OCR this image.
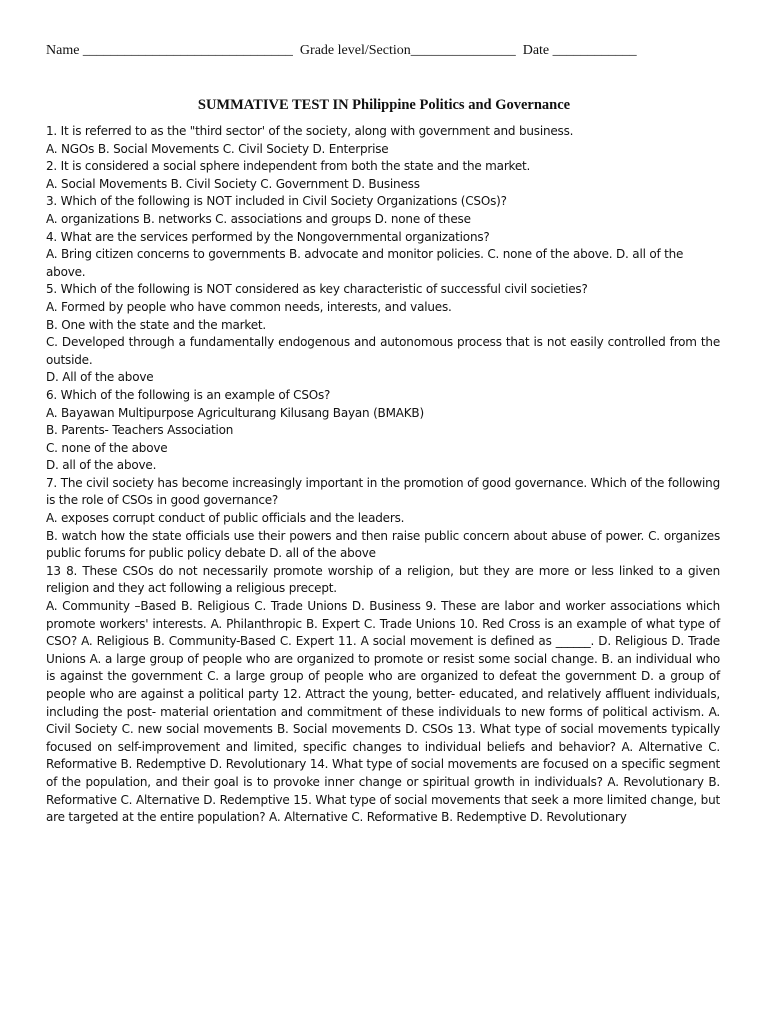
Name ______________________________  Grade level/Section_______________  Date ____________
SUMMATIVE TEST IN Philippine Politics and Governance

1. It is referred to as the "third sector' of the society, along with government and business.

A. NGOs B. Social Movements C. Civil Society D. Enterprise

2. It is considered a social sphere independent from both the state and the market.

A. Social Movements B. Civil Society C. Government D. Business

3. Which of the following is NOT included in Civil Society Organizations (CSOs)?

A. organizations B. networks C. associations and groups D. none of these

4. What are the services performed by the Nongovernmental organizations?

A. Bring citizen concerns to governments B. advocate and monitor policies. C. none of the above. D. all of the above.

5. Which of the following is NOT considered as key characteristic of successful civil societies?

A. Formed by people who have common needs, interests, and values.

B. One with the state and the market.

C. Developed through a fundamentally endogenous and autonomous process that is not easily controlled from the outside.

D. All of the above

6. Which of the following is an example of CSOs?

A. Bayawan Multipurpose Agriculturang Kilusang Bayan (BMAKB)

B. Parents- Teachers Association

C. none of the above

D. all of the above.

7. The civil society has become increasingly important in the promotion of good governance. Which of the following is the role of CSOs in good governance?

A. exposes corrupt conduct of public officials and the leaders.

B. watch how the state officials use their powers and then raise public concern about abuse of power. C. organizes public forums for public policy debate D. all of the above

13 8. These CSOs do not necessarily promote worship of a religion, but they are more or less linked to a given religion and they act following a religious precept.

A. Community –Based B. Religious C. Trade Unions D. Business 9. These are labor and worker associations which promote workers' interests. A. Philanthropic B. Expert C. Trade Unions 10. Red Cross is an example of what type of CSO? A. Religious B. Community-Based C. Expert 11. A social movement is defined as ______. D. Religious D. Trade Unions A. a large group of people who are organized to promote or resist some social change. B. an individual who is against the government C. a large group of people who are organized to defeat the government D. a group of people who are against a political party 12. Attract the young, better- educated, and relatively affluent individuals, including the post- material orientation and commitment of these individuals to new forms of political activism. A. Civil Society C. new social movements B. Social movements D. CSOs 13. What type of social movements typically focused on self-improvement and limited, specific changes to individual beliefs and behavior? A. Alternative C. Reformative B. Redemptive D. Revolutionary 14. What type of social movements are focused on a specific segment of the population, and their goal is to provoke inner change or spiritual growth in individuals? A. Revolutionary B. Reformative C. Alternative D. Redemptive 15. What type of social movements that seek a more limited change, but are targeted at the entire population? A. Alternative C. Reformative B. Redemptive D. Revolutionary
